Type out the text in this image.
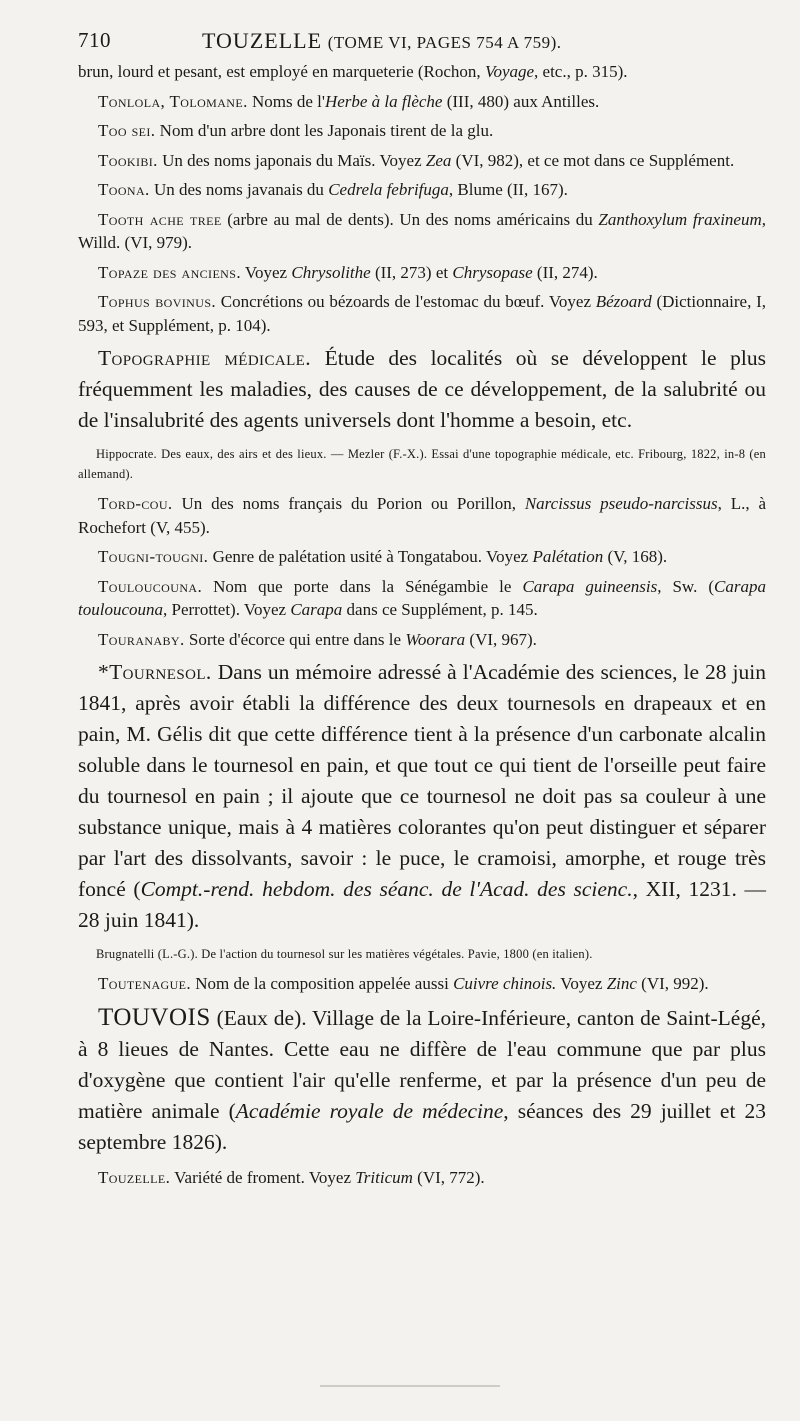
710	TOUZELLE (TOME VI, PAGES 754 A 759).

brun, lourd et pesant, est employé en marqueterie (Rochon, Voyage, etc., p. 315).

Tonlola, Tolomane. Noms de l'Herbe à la flèche (III, 480) aux Antilles.

Too sei. Nom d'un arbre dont les Japonais tirent de la glu.

Tookibi. Un des noms japonais du Maïs. Voyez Zea (VI, 982), et ce mot dans ce Supplément.

Toona. Un des noms javanais du Cedrela febrifuga, Blume (II, 167).

Tooth ache tree (arbre au mal de dents). Un des noms américains du Zanthoxylum fraxineum, Willd. (VI, 979).

Topaze des anciens. Voyez Chrysolithe (II, 273) et Chrysopase (II, 274).

Tophus bovinus. Concrétions ou bézoards de l'estomac du bœuf. Voyez Bézoard (Dictionnaire, I, 593, et Supplément, p. 104).

Topographie médicale. Étude des localités où se développent le plus fréquemment les maladies, des causes de ce développement, de la salubrité ou de l'insalubrité des agents universels dont l'homme a besoin, etc.

Hippocrate. Des eaux, des airs et des lieux. — Mezler (F.-X.). Essai d'une topographie médicale, etc. Fribourg, 1822, in-8 (en allemand).

Tord-cou. Un des noms français du Porion ou Porillon, Narcissus pseudo-narcissus, L., à Rochefort (V, 455).

Tougni-tougni. Genre de palétation usité à Tongatabou. Voyez Palétation (V, 168).

Touloucouna. Nom que porte dans la Sénégambie le Carapa guineensis, Sw. (Carapa touloucouna, Perrottet). Voyez Carapa dans ce Supplément, p. 145.

Touranaby. Sorte d'écorce qui entre dans le Woorara (VI, 967).

*Tournesol. Dans un mémoire adressé à l'Académie des sciences, le 28 juin 1841, après avoir établi la différence des deux tournesols en drapeaux et en pain, M. Gélis dit que cette différence tient à la présence d'un carbonate alcalin soluble dans le tournesol en pain, et que tout ce qui tient de l'orseille peut faire du tournesol en pain ; il ajoute que ce tournesol ne doit pas sa couleur à une substance unique, mais à 4 matières colorantes qu'on peut distinguer et séparer par l'art des dissolvants, savoir : le puce, le cramoisi, amorphe, et rouge très foncé (Compt.-rend. hebdom. des séanc. de l'Acad. des scienc., XII, 1231. — 28 juin 1841).

Brugnatelli (L.-G.). De l'action du tournesol sur les matières végétales. Pavie, 1800 (en italien).

Toutenague. Nom de la composition appelée aussi Cuivre chinois. Voyez Zinc (VI, 992).

TOUVOIS (Eaux de). Village de la Loire-Inférieure, canton de Saint-Légé, à 8 lieues de Nantes. Cette eau ne diffère de l'eau commune que par plus d'oxygène que contient l'air qu'elle renferme, et par la présence d'un peu de matière animale (Académie royale de médecine, séances des 29 juillet et 23 septembre 1826).

Touzelle. Variété de froment. Voyez Triticum (VI, 772).
